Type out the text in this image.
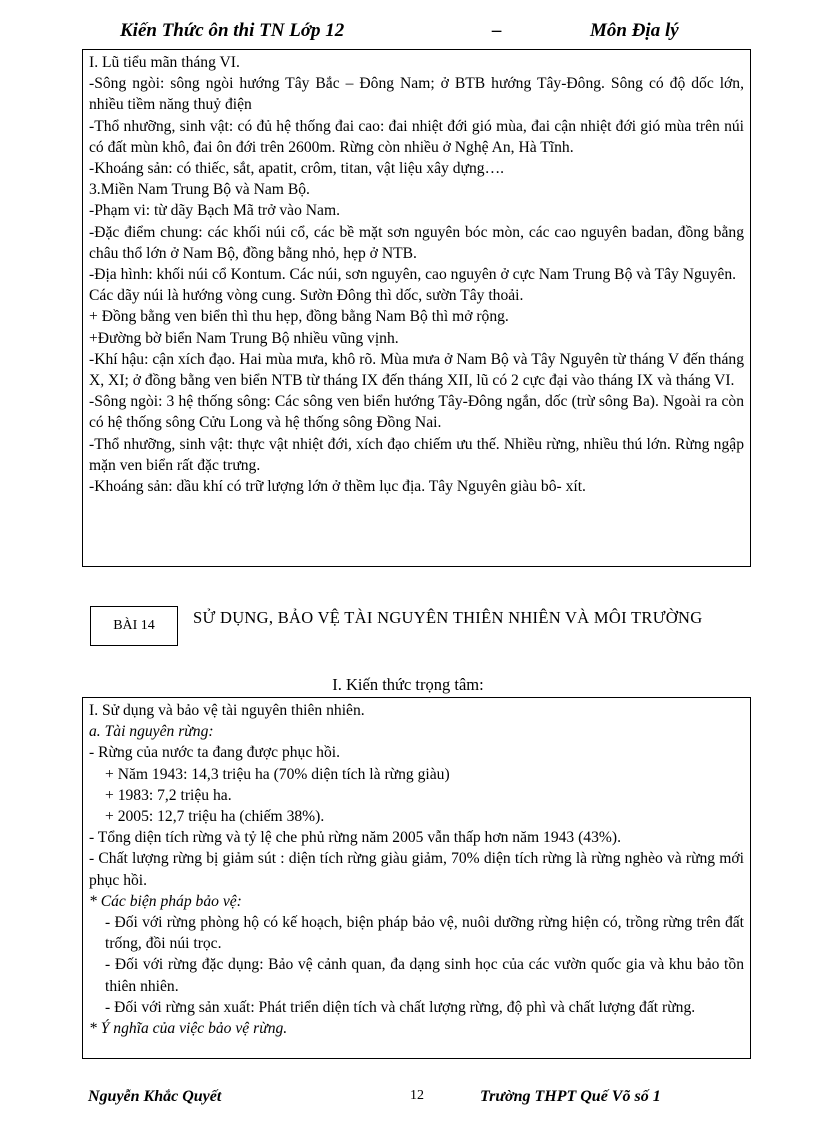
Kiến Thức ôn thi TN Lớp 12	–	Môn Địa lý

I. Lũ tiểu mãn tháng VI.

-Sông ngòi: sông ngòi hướng Tây Bắc – Đông Nam; ở BTB hướng Tây-Đông. Sông có độ dốc lớn, nhiều tiềm năng thuỷ điện

-Thổ nhưỡng, sinh vật: có đủ hệ thống đai cao: đai nhiệt đới gió mùa, đai cận nhiệt đới gió mùa trên núi có đất mùn khô, đai ôn đới trên 2600m. Rừng còn nhiều ở Nghệ An, Hà Tĩnh.

-Khoáng sản: có thiếc, sắt, apatit, crôm, titan, vật liệu xây dựng….

3.Miền Nam Trung Bộ và Nam Bộ.

-Phạm vi: từ dãy Bạch Mã trở vào Nam.

-Đặc điểm chung: các khối núi cổ, các bề mặt sơn nguyên bóc mòn, các cao nguyên badan, đồng bằng châu thổ lớn ở Nam Bộ, đồng bằng nhỏ, hẹp ở NTB.

-Địa hình: khối núi cổ Kontum. Các núi, sơn nguyên, cao nguyên ở cực Nam Trung Bộ và Tây Nguyên.

Các dãy núi là hướng vòng cung. Sườn Đông thì dốc, sườn Tây thoải.

+ Đồng bằng ven biển thì thu hẹp, đồng bằng Nam Bộ thì mở rộng.

+Đường bờ biển Nam Trung Bộ nhiều vũng vịnh.

-Khí hậu: cận xích đạo. Hai mùa mưa, khô rõ. Mùa mưa ở Nam Bộ và Tây Nguyên từ tháng V đến tháng X, XI; ở đồng bằng ven biển NTB từ tháng IX đến tháng XII, lũ có 2 cực đại vào tháng IX và tháng VI.

-Sông ngòi: 3 hệ thống sông: Các sông ven biển hướng Tây-Đông ngắn, dốc (trừ sông Ba). Ngoài ra còn có hệ thống sông Cửu Long và hệ thống sông Đồng Nai.

-Thổ nhưỡng, sinh vật: thực vật nhiệt đới, xích đạo chiếm ưu thế. Nhiều rừng, nhiều thú lớn. Rừng ngập mặn ven biển rất đặc trưng.

-Khoáng sản: dầu khí có trữ lượng lớn ở thềm lục địa. Tây Nguyên giàu bô- xít.

BÀI 14	SỬ DỤNG, BẢO VỆ TÀI NGUYÊN THIÊN NHIÊN VÀ MÔI TRƯỜNG
I. Kiến thức trọng tâm:

I. Sử dụng và bảo vệ tài nguyên thiên nhiên.

a. Tài nguyên rừng:

- Rừng của nước ta đang được phục hồi.

+ Năm 1943: 14,3 triệu ha (70% diện tích là rừng giàu)

+ 1983: 7,2 triệu ha.

+ 2005: 12,7 triệu ha (chiếm 38%).

- Tổng diện tích rừng và tỷ lệ che phủ rừng năm 2005 vẫn thấp hơn năm 1943 (43%).

- Chất lượng rừng bị giảm sút : diện tích rừng giàu giảm, 70% diện tích rừng là rừng nghèo và rừng mới phục hồi.

* Các biện pháp bảo vệ:

- Đối với rừng phòng hộ có kế hoạch, biện pháp bảo vệ, nuôi dưỡng rừng hiện có, trồng rừng trên đất trống, đồi núi trọc.

- Đối với rừng đặc dụng: Bảo vệ cảnh quan, đa dạng sinh học của các vườn quốc gia và khu bảo tồn thiên nhiên.

- Đối với rừng sản xuất: Phát triển diện tích và chất lượng rừng, độ phì và chất lượng đất rừng.

* Ý nghĩa của việc bảo vệ rừng.

Nguyễn Khắc Quyết	12	Trường THPT Quế Võ số 1
